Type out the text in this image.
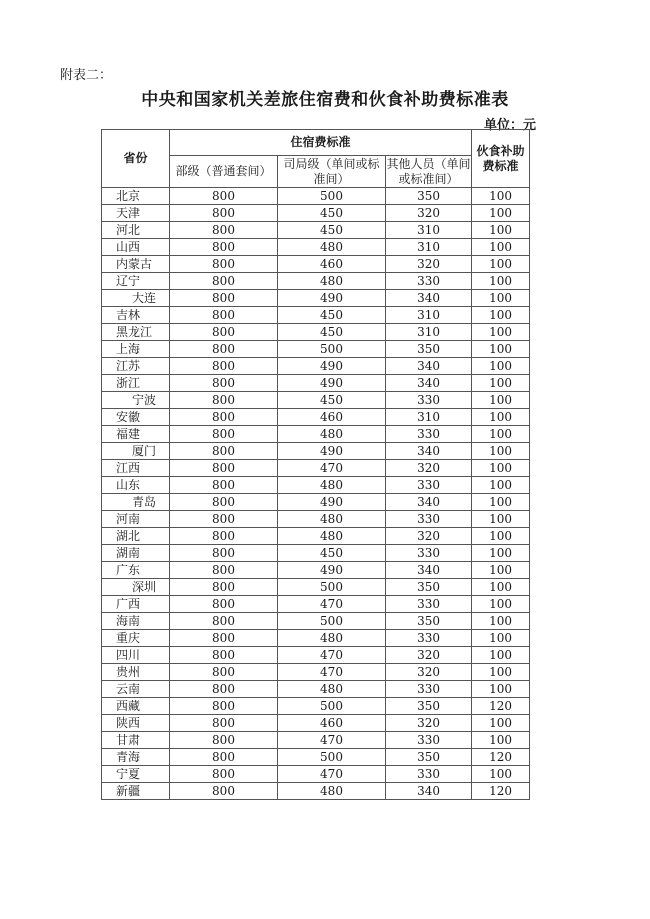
附表二：
中央和国家机关差旅住宿费和伙食补助费标准表
单位：元
省份	住宿费标准			伙食补助费标准
	部级（普通套间）	司局级（单间或标准间）	其他人员（单间或标准间）	
北京	800	500	350	100
天津	800	450	320	100
河北	800	450	310	100
山西	800	480	310	100
内蒙古	800	460	320	100
辽宁	800	480	330	100
大连	800	490	340	100
吉林	800	450	310	100
黑龙江	800	450	310	100
上海	800	500	350	100
江苏	800	490	340	100
浙江	800	490	340	100
宁波	800	450	330	100
安徽	800	460	310	100
福建	800	480	330	100
厦门	800	490	340	100
江西	800	470	320	100
山东	800	480	330	100
青岛	800	490	340	100
河南	800	480	330	100
湖北	800	480	320	100
湖南	800	450	330	100
广东	800	490	340	100
深圳	800	500	350	100
广西	800	470	330	100
海南	800	500	350	100
重庆	800	480	330	100
四川	800	470	320	100
贵州	800	470	320	100
云南	800	480	330	100
西藏	800	500	350	120
陕西	800	460	320	100
甘肃	800	470	330	100
青海	800	500	350	120
宁夏	800	470	330	100
新疆	800	480	340	120
